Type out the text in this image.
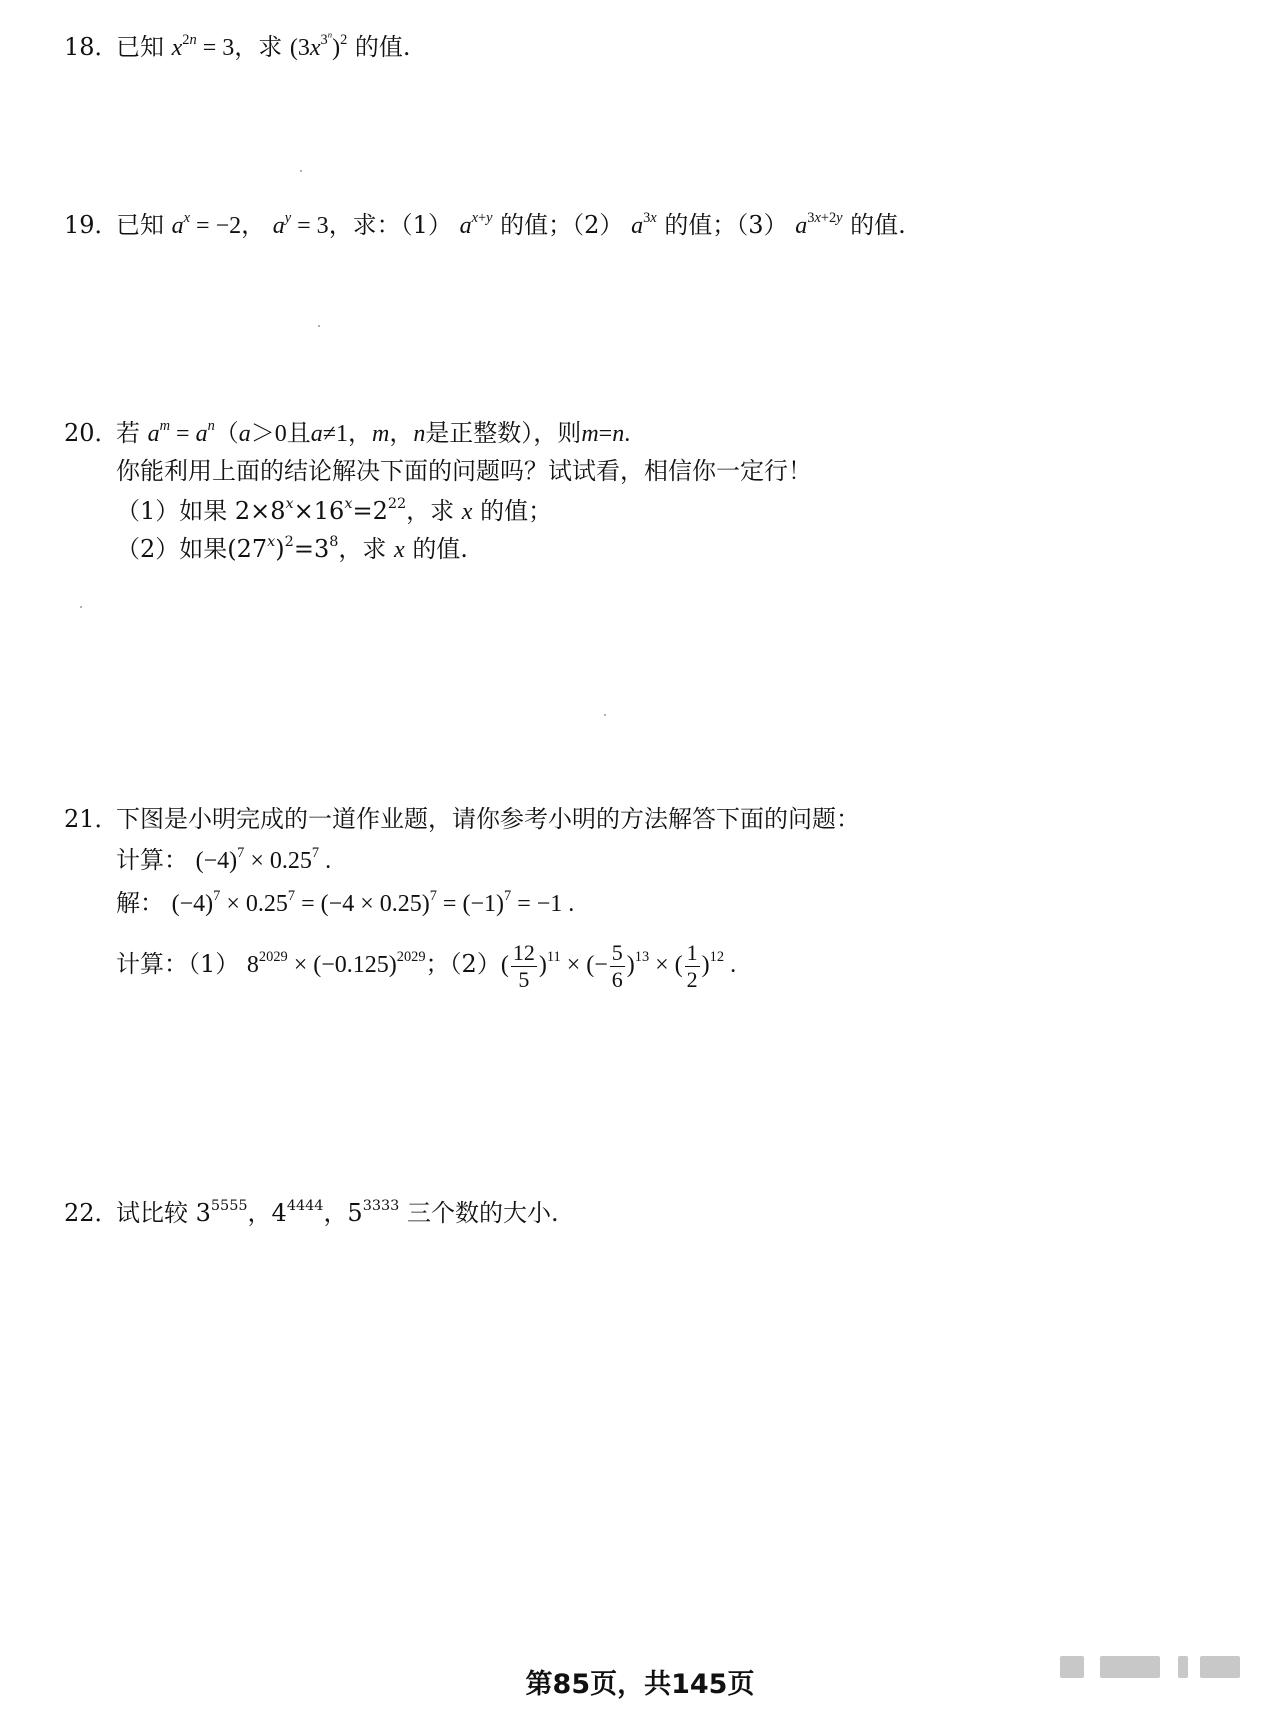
18．已知 $x^{2n} = 3$，求 $(3x^{3^n})^2$ 的值.
19．已知 $a^x = -2$， $a^y = 3$，求：（1） $a^{x+y}$ 的值；（2） $a^{3x}$ 的值；（3） $a^{3x+2y}$ 的值.
20．若 $a^m = a^n(a>0$且a≠1，m，n是正整数），则m=n.
你能利用上面的结论解决下面的问题吗？试试看，相信你一定行！
（1）如果 $2\times 8^x\times 16^x=2^{22}$，求 x 的值；
（2）如果$(27^x)^2=3^8$，求 x 的值.
21．下图是小明完成的一道作业题，请你参考小明的方法解答下面的问题：
计算： $(-4)^7 \times 0.25^7$ .
解： $(-4)^7 \times 0.25^7 = (-4 \times 0.25)^7 = (-1)^7 = -1$ .
计算：（1） $8^{2029} \times (-0.125)^{2029}$；$(2)( \frac{12}{5} )^{11}$ × (− $\frac{5}{6} )^{13}$ × ( $\frac{1}{2} )^{12}$ .
22．试比较 $3^{5555}$，$4^{4444}$，$5^{3333}$ 三个数的大小.
第85页，共145页
